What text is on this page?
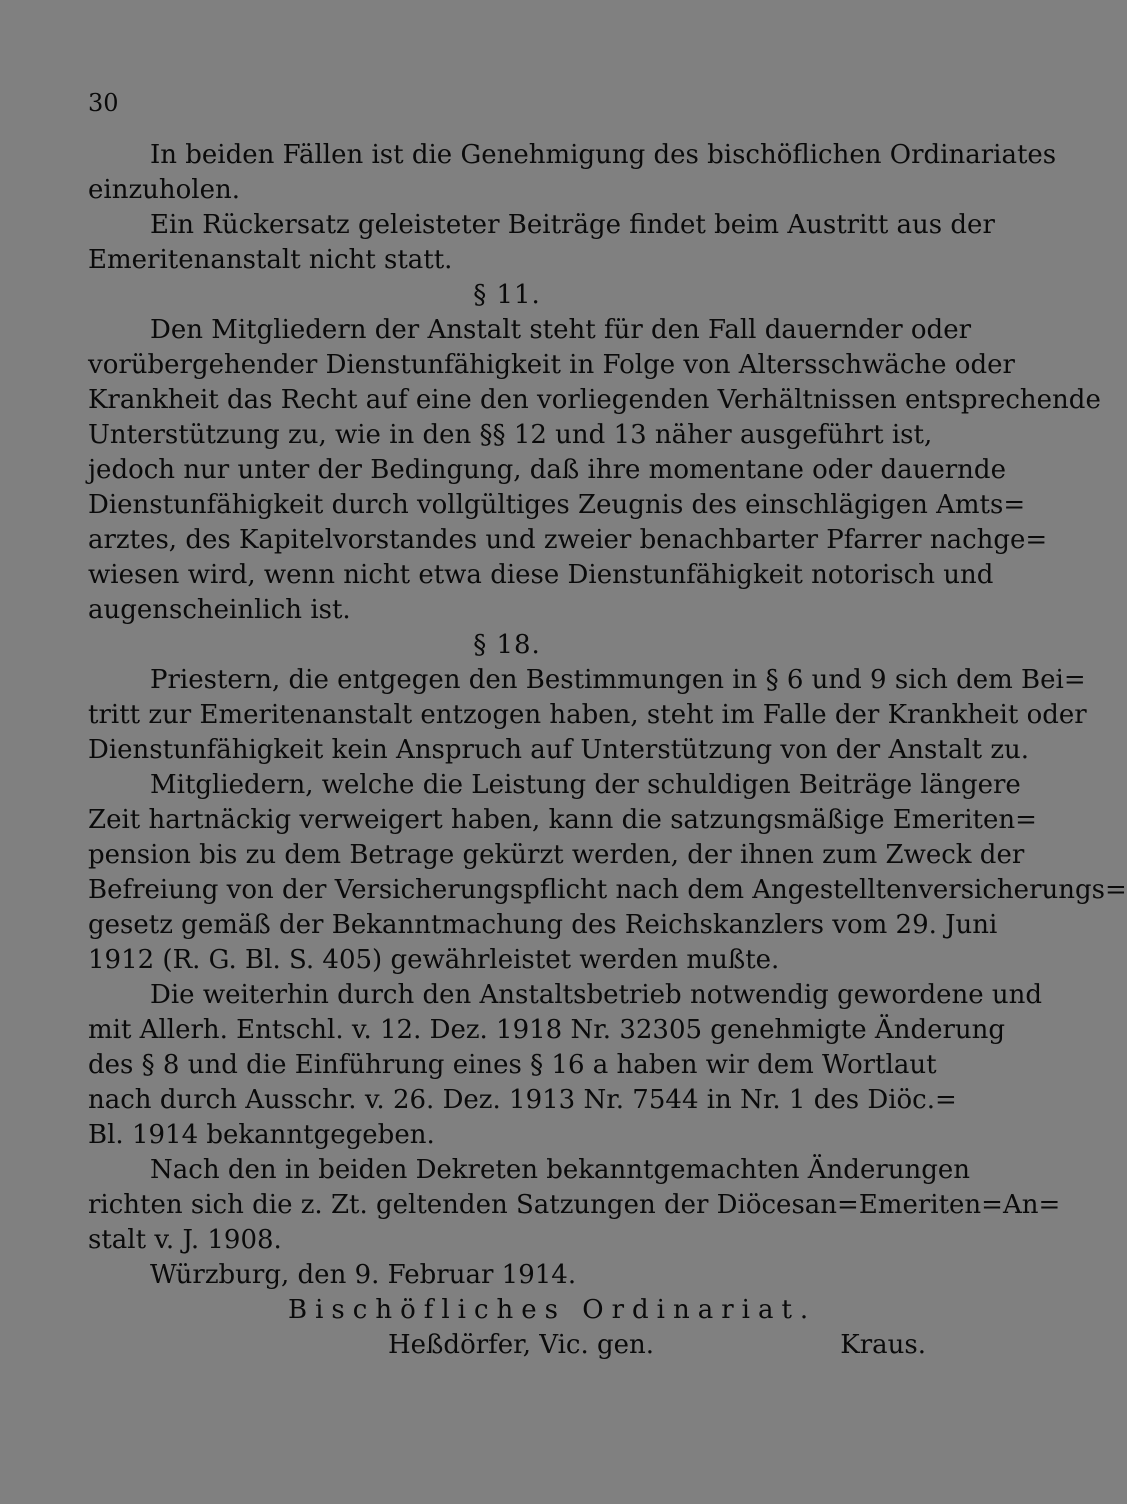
30
In beiden Fällen ist die Genehmigung des bischöflichen Ordinariates
einzuholen.
Ein Rückersatz geleisteter Beiträge findet beim Austritt aus der
Emeritenanstalt nicht statt.
§ 11.
Den Mitgliedern der Anstalt steht für den Fall dauernder oder
vorübergehender Dienstunfähigkeit in Folge von Altersschwäche oder
Krankheit das Recht auf eine den vorliegenden Verhältnissen entsprechende
Unterstützung zu, wie in den §§ 12 und 13 näher ausgeführt ist,
jedoch nur unter der Bedingung, daß ihre momentane oder dauernde
Dienstunfähigkeit durch vollgültiges Zeugnis des einschlägigen Amts=
arztes, des Kapitelvorstandes und zweier benachbarter Pfarrer nachge=
wiesen wird, wenn nicht etwa diese Dienstunfähigkeit notorisch und
augenscheinlich ist.
§ 18.
Priestern, die entgegen den Bestimmungen in § 6 und 9 sich dem Bei=
tritt zur Emeritenanstalt entzogen haben, steht im Falle der Krankheit oder
Dienstunfähigkeit kein Anspruch auf Unterstützung von der Anstalt zu.
Mitgliedern, welche die Leistung der schuldigen Beiträge längere
Zeit hartnäckig verweigert haben, kann die satzungsmäßige Emeriten=
pension bis zu dem Betrage gekürzt werden, der ihnen zum Zweck der
Befreiung von der Versicherungspflicht nach dem Angestelltenversicherungs=
gesetz gemäß der Bekanntmachung des Reichskanzlers vom 29. Juni
1912 (R. G. Bl. S. 405) gewährleistet werden mußte.
Die weiterhin durch den Anstaltsbetrieb notwendig gewordene und
mit Allerh. Entschl. v. 12. Dez. 1918 Nr. 32305 genehmigte Änderung
des § 8 und die Einführung eines § 16 a haben wir dem Wortlaut
nach durch Ausschr. v. 26. Dez. 1913 Nr. 7544 in Nr. 1 des Diöc.=
Bl. 1914 bekanntgegeben.
Nach den in beiden Dekreten bekanntgemachten Änderungen
richten sich die z. Zt. geltenden Satzungen der Diöcesan=Emeriten=An=
stalt v. J. 1908.
Würzburg, den 9. Februar 1914.
Bischöfliches Ordinariat.
Heßdörfer, Vic. gen.	Kraus.
